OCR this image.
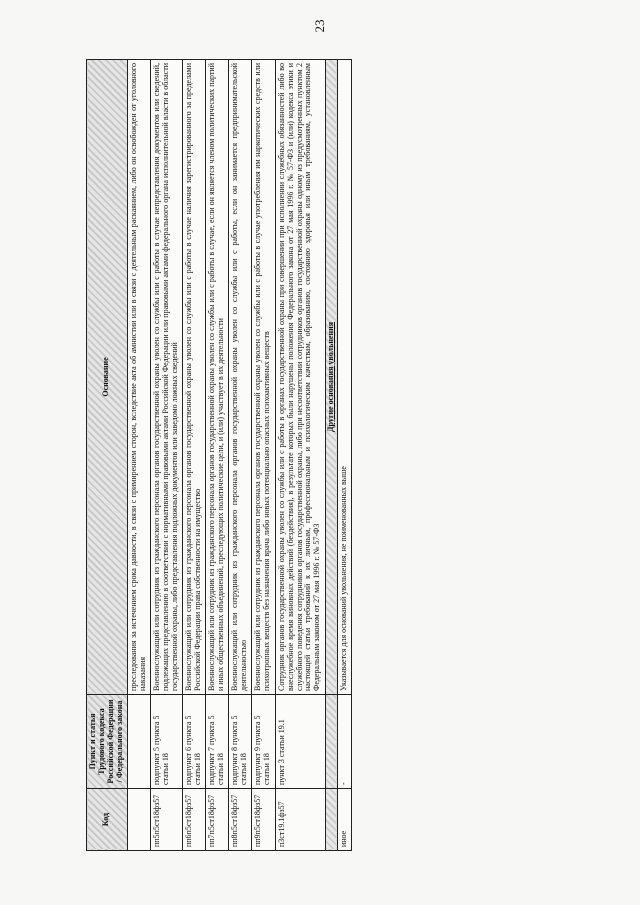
23
Код	Пункт и статья Трудового кодекса Российской Федерации / Федерального закона	Основание
		преследования за истечением срока давности, в связи с примирением сторон, вследствие акта об амнистии или в связи с деятельным раскаянием, либо он освобожден от уголовного наказания
пп5п5ст18фз57	подпункт 5 пункта 5 статьи 18	Военнослужащий или сотрудник из гражданского персонала органов государственной охраны уволен со службы или с работы в случае непредставления документов или сведений, подлежащих представлению в соответствии с нормативными правовыми актами Российской Федерации или правовыми актами федерального органа исполнительной власти в области государственной охраны, либо представления подложных документов или заведомо ложных сведений
пп6п5ст18фз57	подпункт 6 пункта 5 статьи 18	Военнослужащий или сотрудник из гражданского персонала органов государственной охраны уволен со службы или с работы в случае наличия зарегистрированного за пределами Российской Федерации права собственности на имущество
пп7п5ст18фз57	подпункт 7 пункта 5 статьи 18	Военнослужащий или сотрудник из гражданского персонала органов государственной охраны уволен со службы или с работы в случае, если он является членом политических партий и иных общественных объединений, преследующих политические цели, и (или) участвует в их деятельности
пп8п5ст18фз57	подпункт 8 пункта 5 статьи 18	Военнослужащий или сотрудник из гражданского персонала органов государственной охраны уволен со службы или с работы, если он занимается предпринимательской деятельностью
пп9п5ст18фз57	подпункт 9 пункта 5 статьи 18	Военнослужащий или сотрудник из гражданского персонала органов государственной охраны уволен со службы или с работы в случае употребления им наркотических средств или психотропных веществ без назначения врача либо новых потенциально опасных психоактивных веществ
п3ст19.1фз57	пункт 3 статьи 19.1	Сотрудник органов государственной охраны уволен со службы или с работы в органах государственной охраны при совершении при исполнении служебных обязанностей либо во внеслужебное время виновных действий (бездействия), в результате которых были нарушены положения Федерального закона от 27 мая 1996 г. № 57-ФЗ и (или) кодекса этики и служебного поведения сотрудников органов государственной охраны, либо при несоответствии сотрудников органов государственной охраны одному из предусмотренных пунктом 2 настоящей статьи требований к их личным, профессиональным и психологическим качествам, образованию, состоянию здоровья или иным требованиям, установленным Федеральным законом от 27 мая 1996 г. № 57-ФЗ
		Другие основания увольнения
иное	-	Указывается для оснований увольнения, не поименованных выше
